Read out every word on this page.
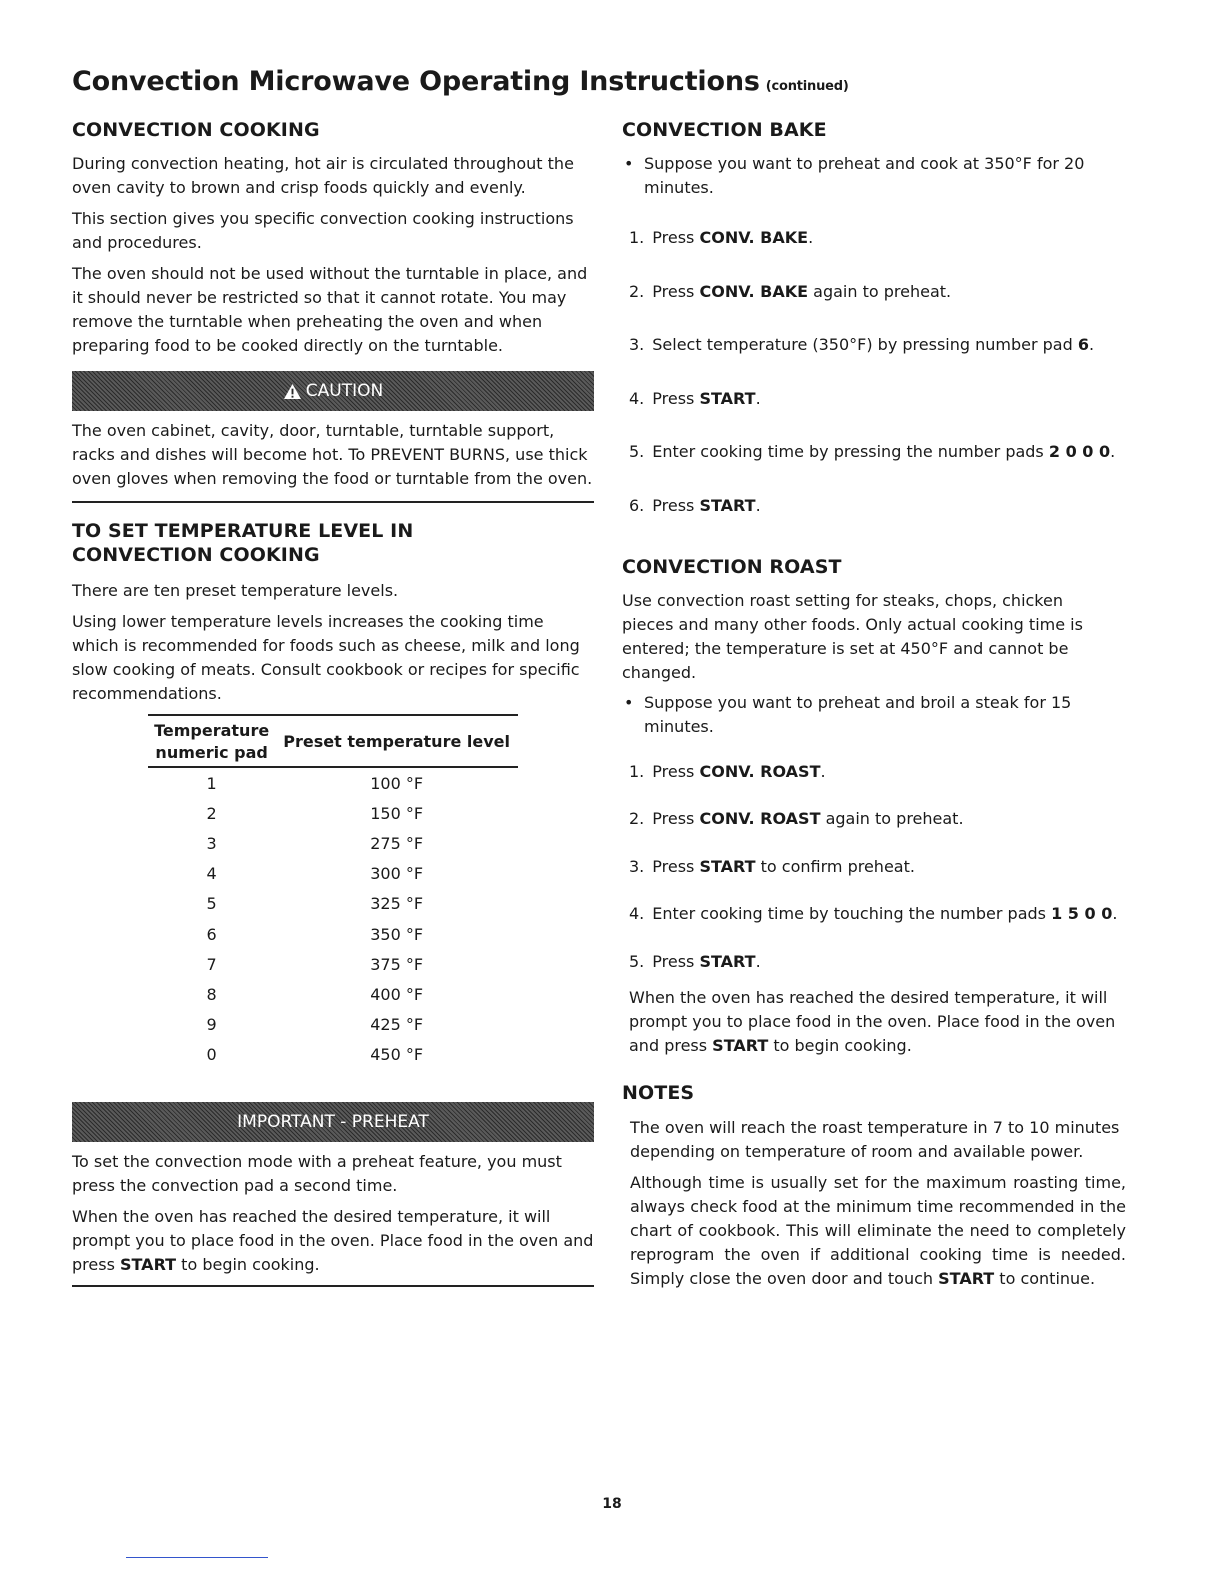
Convection Microwave Operating Instructions (continued)
CONVECTION COOKING

During convection heating, hot air is circulated throughout the oven cavity to brown and crisp foods quickly and evenly.

This section gives you specific convection cooking instructions and procedures.

The oven should not be used without the turntable in place, and it should never be restricted so that it cannot rotate. You may remove the turntable when preheating the oven and when preparing food to be cooked directly on the turntable.

CAUTION

The oven cabinet, cavity, door, turntable, turntable support, racks and dishes will become hot. To PREVENT BURNS, use thick oven gloves when removing the food or turntable from the oven.

TO SET TEMPERATURE LEVEL IN CONVECTION COOKING

There are ten preset temperature levels.

Using lower temperature levels increases the cooking time which is recommended for foods such as cheese, milk and long slow cooking of meats. Consult cookbook or recipes for specific recommendations.

Temperature
numeric pad	Preset temperature level
1	100 °F
2	150 °F
3	275 °F
4	300 °F
5	325 °F
6	350 °F
7	375 °F
8	400 °F
9	425 °F
0	450 °F
IMPORTANT - PREHEAT

To set the convection mode with a preheat feature, you must press the convection pad a second time.

When the oven has reached the desired temperature, it will prompt you to place food in the oven. Place food in the oven and press START to begin cooking.

CONVECTION BAKE
• Suppose you want to preheat and cook at 350°F for 20 minutes.
1. Press CONV. BAKE.
2. Press CONV. BAKE again to preheat.
3. Select temperature (350°F) by pressing number pad 6.
4. Press START.
5. Enter cooking time by pressing the number pads 2 0 0 0.
6. Press START.
CONVECTION ROAST

Use convection roast setting for steaks, chops, chicken pieces and many other foods. Only actual cooking time is entered; the temperature is set at 450°F and cannot be changed.

• Suppose you want to preheat and broil a steak for 15 minutes.
1. Press CONV. ROAST.
2. Press CONV. ROAST again to preheat.
3. Press START to confirm preheat.
4. Enter cooking time by touching the number pads 1 5 0 0.
5. Press START.

When the oven has reached the desired temperature, it will prompt you to place food in the oven. Place food in the oven and press START to begin cooking.

NOTES

The oven will reach the roast temperature in 7 to 10 minutes depending on temperature of room and available power.

Although time is usually set for the maximum roasting time, always check food at the minimum time recommended in the chart of cookbook. This will eliminate the need to completely reprogram the oven if additional cooking time is needed. Simply close the oven door and touch START to continue.

18
